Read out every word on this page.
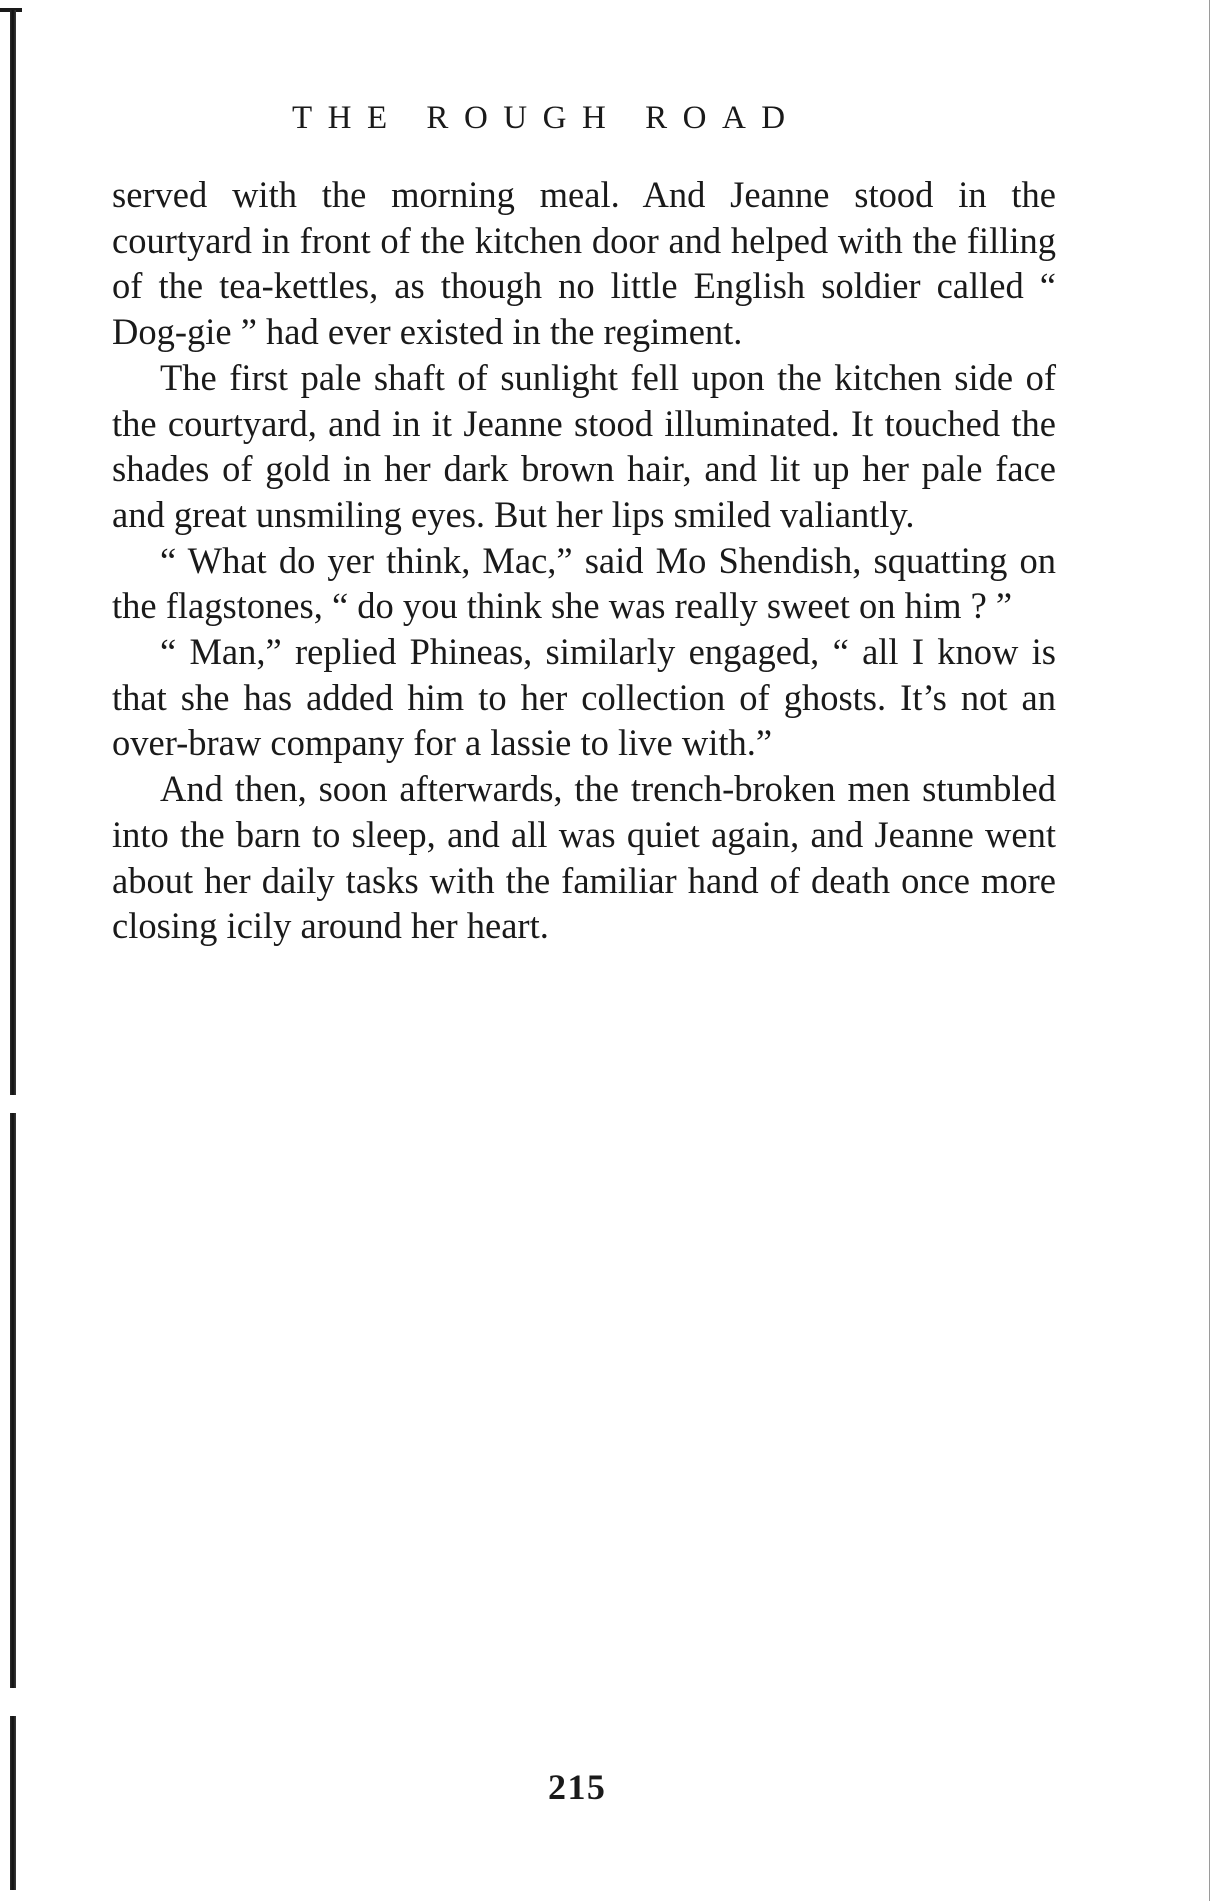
THE ROUGH ROAD

served with the morning meal. And Jeanne stood in the courtyard in front of the kitchen door and helped with the filling of the tea-kettles, as though no little English soldier called “ Dog-gie ” had ever existed in the regiment.

The first pale shaft of sunlight fell upon the kitchen side of the courtyard, and in it Jeanne stood illuminated. It touched the shades of gold in her dark brown hair, and lit up her pale face and great unsmiling eyes. But her lips smiled valiantly.

“ What do yer think, Mac,” said Mo Shendish, squatting on the flagstones, “ do you think she was really sweet on him ? ”

“ Man,” replied Phineas, similarly engaged, “ all I know is that she has added him to her collection of ghosts. It’s not an over-braw company for a lassie to live with.”

And then, soon afterwards, the trench-broken men stumbled into the barn to sleep, and all was quiet again, and Jeanne went about her daily tasks with the familiar hand of death once more closing icily around her heart.

215
